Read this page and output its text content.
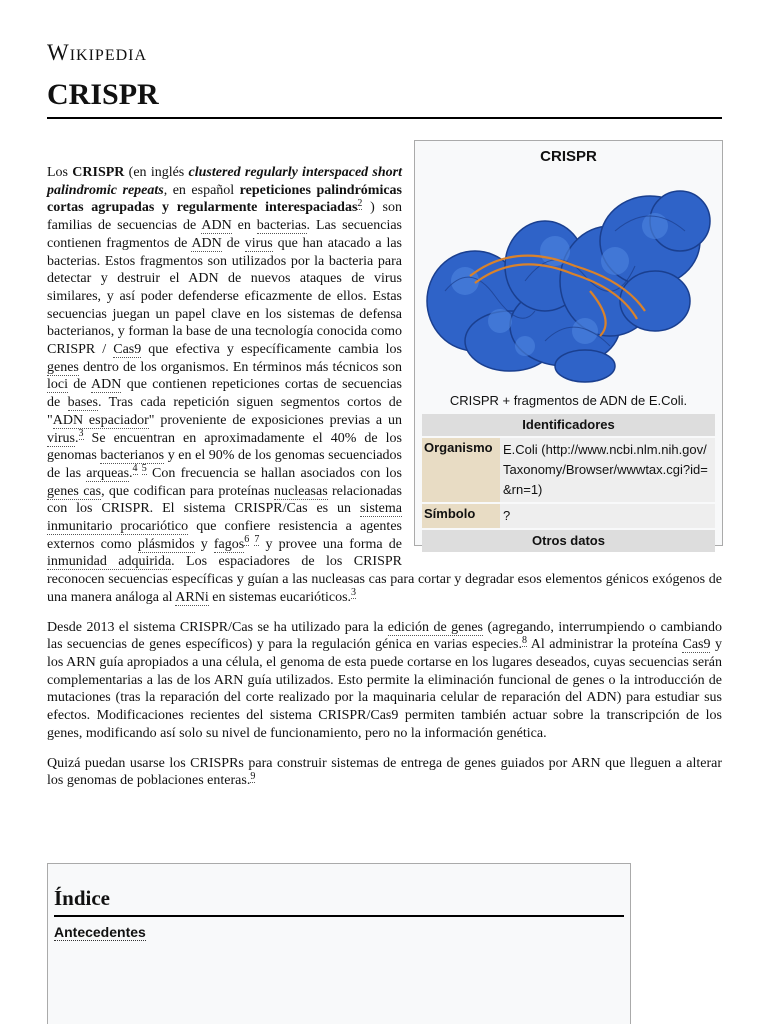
Wikipedia
CRISPR
CRISPR
CRISPR + fragmentos de ADN de E.Coli.
Identificadores
Organismo E.Coli (http://www.ncbi.nlm.nih.gov/Taxonomy/Browser/wwwtax.cgi?id=&rn=1)
Símbolo	?
Otros datos

Los CRISPR (en inglés clustered regularly interspaced short palindromic repeats, en español repeticiones palindrómicas cortas agrupadas y regularmente interespaciadas$^2$ ) son familias de secuencias de ADN en bacterias. Las secuencias contienen fragmentos de ADN de virus que han atacado a las bacterias. Estos fragmentos son utilizados por la bacteria para detectar y destruir el ADN de nuevos ataques de virus similares, y así poder defenderse eficazmente de ellos. Estas secuencias juegan un papel clave en los sistemas de defensa bacterianos, y forman la base de una tecnología conocida como CRISPR / Cas9 que efectiva y específicamente cambia los genes dentro de los organismos. En términos más técnicos son loci de ADN que contienen repeticiones cortas de secuencias de bases. Tras cada repetición siguen segmentos cortos de "ADN espaciador" proveniente de exposiciones previas a un virus.$^3$ Se encuentran en aproximadamente el 40% de los genomas bacterianos y en el 90% de los genomas secuenciados de las arqueas.$^{4 5}$ Con frecuencia se hallan asociados con los genes cas, que codifican para proteínas nucleasas relacionadas con los CRISPR. El sistema CRISPR/Cas es un sistema inmunitario procariótico que confiere resistencia a agentes externos como plásmidos y fagos$^{6 7}$ y provee una forma de inmunidad adquirida. Los espaciadores de los CRISPR reconocen secuencias específicas y guían a las nucleasas cas para cortar y degradar esos elementos génicos exógenos de una manera análoga al ARNi en sistemas eucarióticos.$^3$

Desde 2013 el sistema CRISPR/Cas se ha utilizado para la edición de genes (agregando, interrumpiendo o cambiando las secuencias de genes específicos) y para la regulación génica en varias especies.$^8$ Al administrar la proteína Cas9 y los ARN guía apropiados a una célula, el genoma de esta puede cortarse en los lugares deseados, cuyas secuencias serán complementarias a las de los ARN guía utilizados. Esto permite la eliminación funcional de genes o la introducción de mutaciones (tras la reparación del corte realizado por la maquinaria celular de reparación del ADN) para estudiar sus efectos. Modificaciones recientes del sistema CRISPR/Cas9 permiten también actuar sobre la transcripción de los genes, modificando así solo su nivel de funcionamiento, pero no la información genética.

Quizá puedan usarse los CRISPRs para construir sistemas de entrega de genes guiados por ARN que lleguen a alterar los genomas de poblaciones enteras.$^9$

Índice
Antecedentes
